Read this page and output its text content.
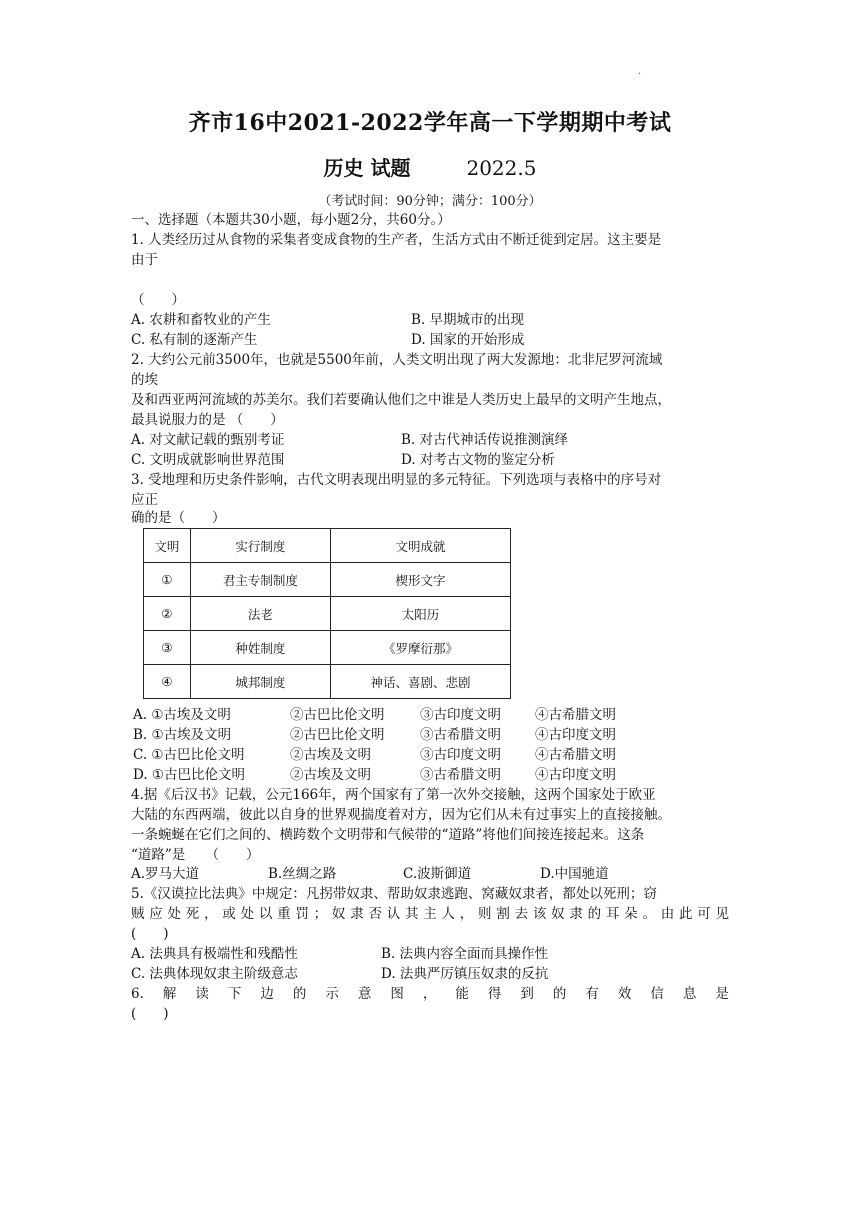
.
齐市16中2021-2022学年高一下学期期中考试
历史 试题	2022.5
（考试时间：90分钟；满分：100分）
一、选择题（本题共30小题，每小题2分，共60分。）
1. 人类经历过从食物的采集者变成食物的生产者，生活方式由不断迁徙到定居。这主要是
由于
（　　）
A. 农耕和畜牧业的产生	B. 早期城市的出现
C. 私有制的逐渐产生	D. 国家的开始形成
2. 大约公元前3500年，也就是5500年前，人类文明出现了两大发源地：北非尼罗河流域
的埃
及和西亚两河流域的苏美尔。我们若要确认他们之中谁是人类历史上最早的文明产生地点，
最具说服力的是 （　　）
A. 对文献记载的甄别考证	B. 对古代神话传说推测演绎
C. 文明成就影响世界范围	D. 对考古文物的鉴定分析
3. 受地理和历史条件影响，古代文明表现出明显的多元特征。下列选项与表格中的序号对
应正
确的是（　　）
文明	实行制度	文明成就
①	君主专制制度	楔形文字
②	法老	太阳历
③	种姓制度	《罗摩衍那》
④	城邦制度	神话、喜剧、悲剧
A. ①古埃及文明	②古巴比伦文明	③古印度文明	④古希腊文明
B. ①古埃及文明	②古巴比伦文明	③古希腊文明	④古印度文明
C. ①古巴比伦文明	②古埃及文明	③古印度文明	④古希腊文明
D. ①古巴比伦文明	②古埃及文明	③古希腊文明	④古印度文明
4.据《后汉书》记载，公元166年，两个国家有了第一次外交接触，这两个国家处于欧亚
大陆的东西两端，彼此以自身的世界观揣度着对方，因为它们从未有过事实上的直接接触。
一条蜿蜒在它们之间的、横跨数个文明带和气候带的“道路”将他们间接连接起来。这条
“道路”是　　（　　）
A.罗马大道	B.丝绸之路	C.波斯御道	D.中国驰道
5.《汉谟拉比法典》中规定：凡拐带奴隶、帮助奴隶逃跑、窝藏奴隶者，都处以死刑；窃
贼 应 处 死 ， 或 处 以 重 罚 ； 奴 隶 否 认 其 主 人 ， 则 割 去 该 奴 隶 的 耳 朵 。 由 此 可 见
(　　)
A. 法典具有极端性和残酷性	B. 法典内容全面而具操作性
C. 法典体现奴隶主阶级意志	D. 法典严厉镇压奴隶的反抗
6. 解 读 下 边 的 示 意 图 ， 能 得 到 的 有 效 信 息 是
(　　)
